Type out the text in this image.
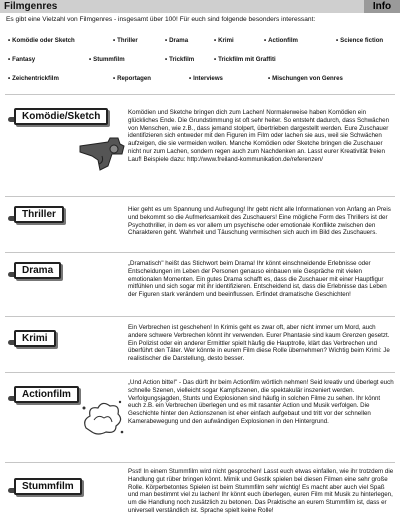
Filmgenres	Info
Es gibt eine Vielzahl von Filmgenres - insgesamt über 100! Für euch sind folgende besonders interessant:
• Komödie oder Sketch	• Thriller	• Drama	• Krimi	• Actionfilm	• Science fiction
• Fantasy	• Stummfilm	• Trickfilm	• Trickfilm mit Graffiti
• Zeichentrickfilm	• Reportagen	• Interviews	• Mischungen von Genres
Komödie/Sketch	Komödien und Sketche bringen dich zum Lachen! Normalerweise haben Komödien ein glückliches Ende. Die Grundstimmung ist oft sehr heiter. So entsteht dadurch, dass Schwächen von Menschen, wie z.B., dass jemand stolpert, übertrieben dargestellt werden. Eure Zuschauer identifizieren sich entweder mit den Figuren im Film oder lachen sie aus, weil sie Schwächen aufzeigen, die sie vermeiden wollen. Manche Komödien oder Sketche bringen die Zuschauer nicht nur zum Lachen, sondern regen auch zum Nachdenken an. Lasst eurer Kreativität freien Lauf! Beispiele dazu: http://www.freiland-kommunikation.de/referenzen/
Thriller	Hier geht es um Spannung und Aufregung! Ihr gebt nicht alle Informationen von Anfang an Preis und bekommt so die Aufmerksamkeit des Zuschauers! Eine mögliche Form des Thrillers ist der Psychothriller, in dem es vor allem um psychische oder emotionale Konflikte zwischen den Charakteren geht. Wahrheit und Täuschung vermischen sich auch im Bild des Zuschauers.
Drama
„Dramatisch" heißt das Stichwort beim Drama! Ihr könnt einschneidende Erlebnisse oder Entscheidungen im Leben der Personen genauso einbauen wie Gespräche mit vielen emotionalen Momenten. Ein gutes Drama schafft es, dass die Zuschauer mit einer Hauptfigur mitfühlen und sich sogar mit ihr identifizieren. Entscheidend ist, dass die Erlebnisse das Leben der Figuren stark verändern und beeinflussen. Erfindet dramatische Geschichten!
Krimi
Ein Verbrechen ist geschehen! In Krimis geht es zwar oft, aber nicht immer um Mord, auch andere schwere Verbrechen könnt ihr verwenden. Eurer Phantasie sind kaum Grenzen gesetzt. Ein Polizist oder ein anderer Ermittler spielt häufig die Hauptrolle, klärt das Verbrechen und überführt den Täter. Wer könnte in eurem Film diese Rolle übernehmen? Wichtig beim Krimi: Je realistischer die Darstellung, desto besser.
Actionfilm
„Und Action bitte!" - Das dürft ihr beim Actionfilm wörtlich nehmen! Seid kreativ und überlegt euch schnelle Szenen, vielleicht sogar Kampfszenen, die spektakulär inszeniert werden. Verfolgungsjagden, Stunts und Explosionen sind häufig in solchen Filme zu sehen. Ihr könnt euch z.B. ein Verbrechen überlegen und es mit rasanter Action und Musik verfolgen. Die Geschichte hinter den Actionszenen ist eher einfach aufgebaut und tritt vor der schnellen Kamerabewegung und den aufwändigen Explosionen in den Hintergrund.
Stummfilm
Psst! In einem Stummfilm wird nicht gesprochen! Lasst euch etwas einfallen, wie ihr trotzdem die Handlung gut rüber bringen könnt. Mimik und Gestik spielen bei diesen Filmen eine sehr große Rolle. Körperbetontes Spielen ist beim Stummfilm sehr wichtig! Es macht aber auch viel Spaß und man bestimmt viel zu lachen! Ihr könnt euch überlegen, euren Film mit Musik zu hinterlegen, um die Handlung noch zusätzlich zu betonen. Das Praktische an eurem Stummfilm ist, dass er universell verständlich ist. Sprache spielt keine Rolle!
